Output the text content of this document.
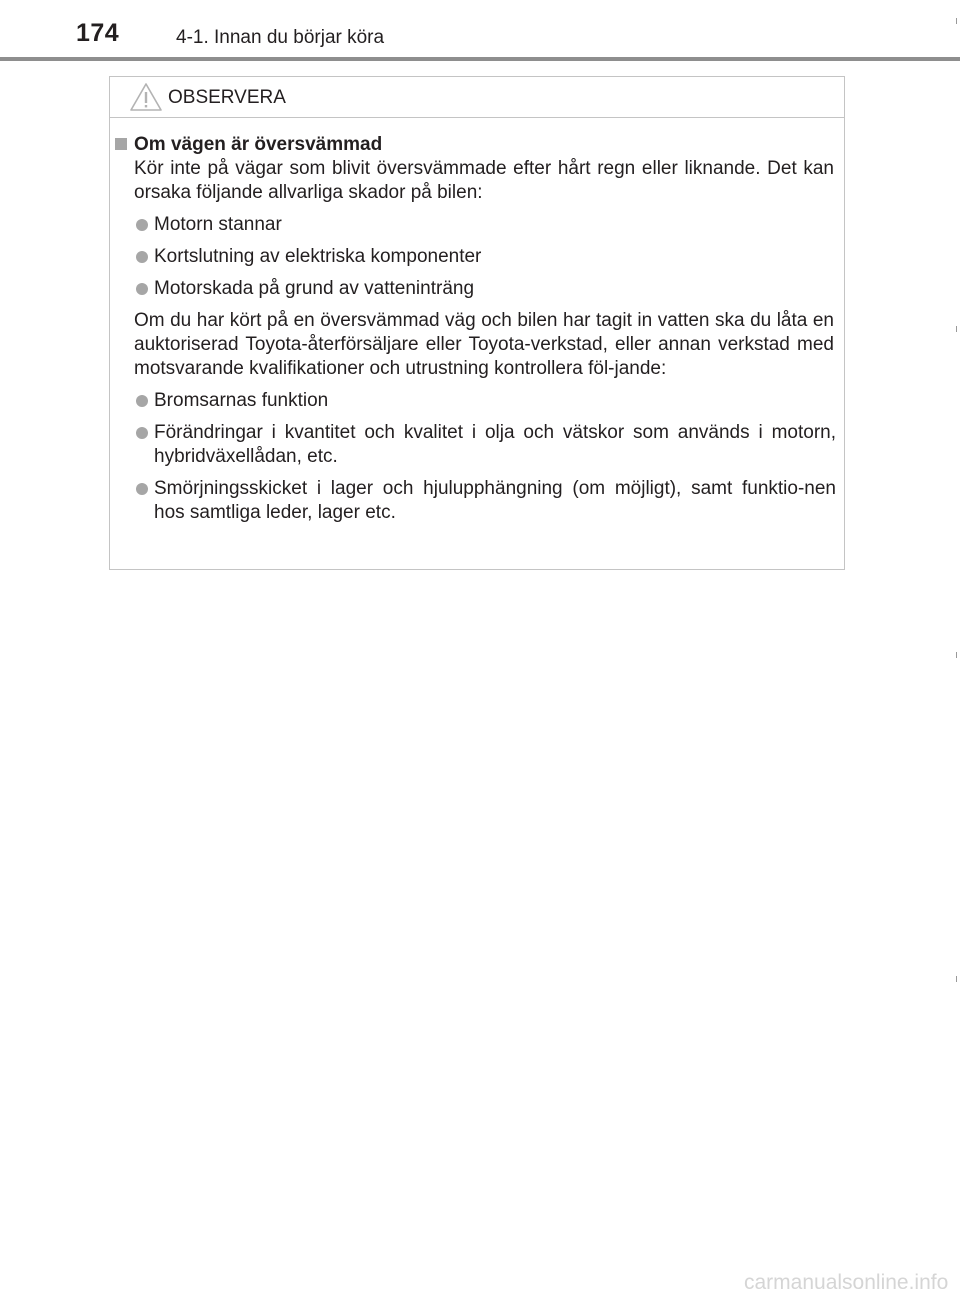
174	4-1. Innan du börjar köra
OBSERVERA
Om vägen är översvämmad

Kör inte på vägar som blivit översvämmade efter hårt regn eller liknande. Det kan orsaka följande allvarliga skador på bilen:

Motorn stannar
Kortslutning av elektriska komponenter
Motorskada på grund av vatteninträng

Om du har kört på en översvämmad väg och bilen har tagit in vatten ska du låta en auktoriserad Toyota-återförsäljare eller Toyota-verkstad, eller annan verkstad med motsvarande kvalifikationer och utrustning kontrollera föl-jande:

Bromsarnas funktion
Förändringar i kvantitet och kvalitet i olja och vätskor som används i motorn, hybridväxellådan, etc.
Smörjningsskicket i lager och hjulupphängning (om möjligt), samt funktio-nen hos samtliga leder, lager etc.
carmanualsonline.info
